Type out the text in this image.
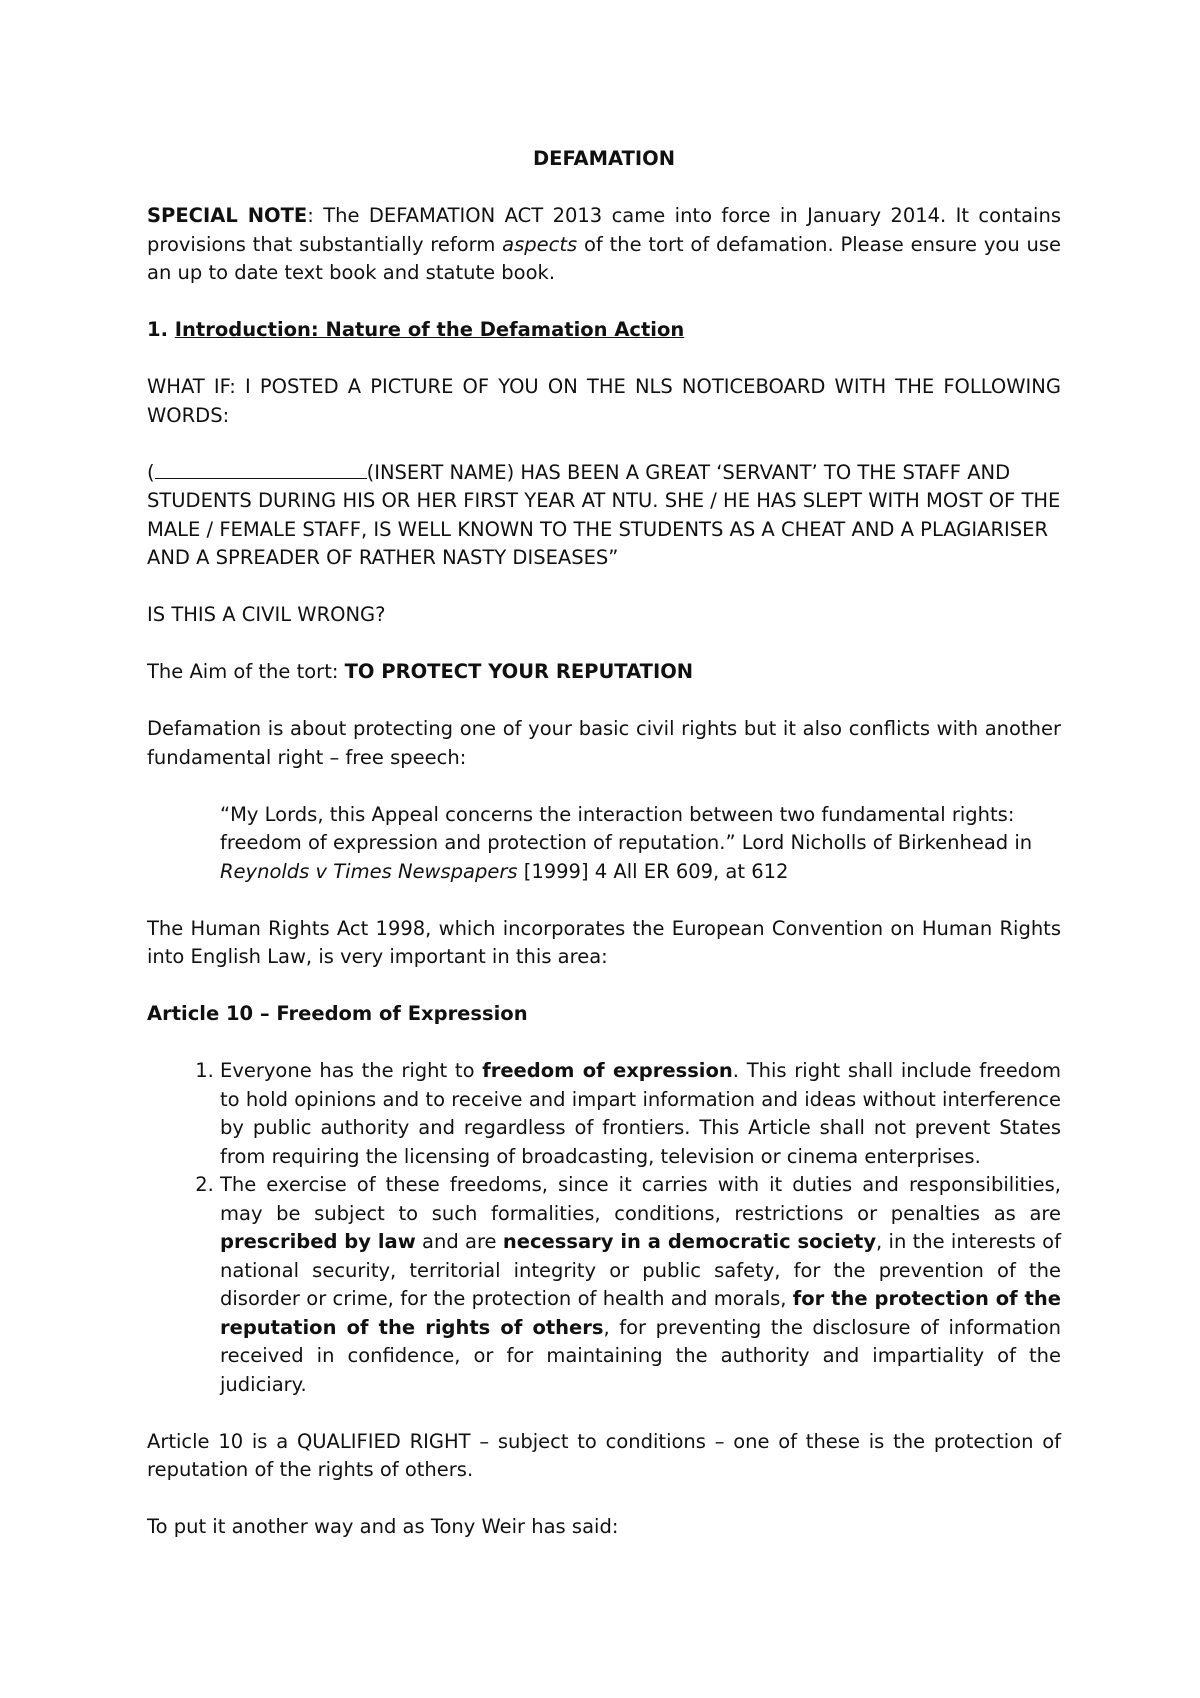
DEFAMATION

SPECIAL NOTE: The DEFAMATION ACT 2013 came into force in January 2014. It contains provisions that substantially reform aspects of the tort of defamation. Please ensure you use an up to date text book and statute book.

1. Introduction: Nature of the Defamation Action

WHAT IF: I POSTED A PICTURE OF YOU ON THE NLS NOTICEBOARD WITH THE FOLLOWING WORDS:

(	(INSERT NAME) HAS BEEN A GREAT ‘SERVANT’ TO THE STAFF AND STUDENTS DURING HIS OR HER FIRST YEAR AT NTU. SHE / HE HAS SLEPT WITH MOST OF THE MALE / FEMALE STAFF, IS WELL KNOWN TO THE STUDENTS AS A CHEAT AND A PLAGIARISER AND A SPREADER OF RATHER NASTY DISEASES”

IS THIS A CIVIL WRONG?

The Aim of the tort: TO PROTECT YOUR REPUTATION

Defamation is about protecting one of your basic civil rights but it also conflicts with another fundamental right – free speech:

“My Lords, this Appeal concerns the interaction between two fundamental rights: freedom of expression and protection of reputation.” Lord Nicholls of Birkenhead in Reynolds v Times Newspapers [1999] 4 All ER 609, at 612

The Human Rights Act 1998, which incorporates the European Convention on Human Rights into English Law, is very important in this area:

Article 10 – Freedom of Expression

1. Everyone has the right to freedom of expression. This right shall include freedom to hold opinions and to receive and impart information and ideas without interference by public authority and regardless of frontiers. This Article shall not prevent States from requiring the licensing of broadcasting, television or cinema enterprises.
2. The exercise of these freedoms, since it carries with it duties and responsibilities, may be subject to such formalities, conditions, restrictions or penalties as are prescribed by law and are necessary in a democratic society, in the interests of national security, territorial integrity or public safety, for the prevention of the disorder or crime, for the protection of health and morals, for the protection of the reputation of the rights of others, for preventing the disclosure of information received in confidence, or for maintaining the authority and impartiality of the judiciary.

Article 10 is a QUALIFIED RIGHT – subject to conditions – one of these is the protection of reputation of the rights of others.

To put it another way and as Tony Weir has said:
